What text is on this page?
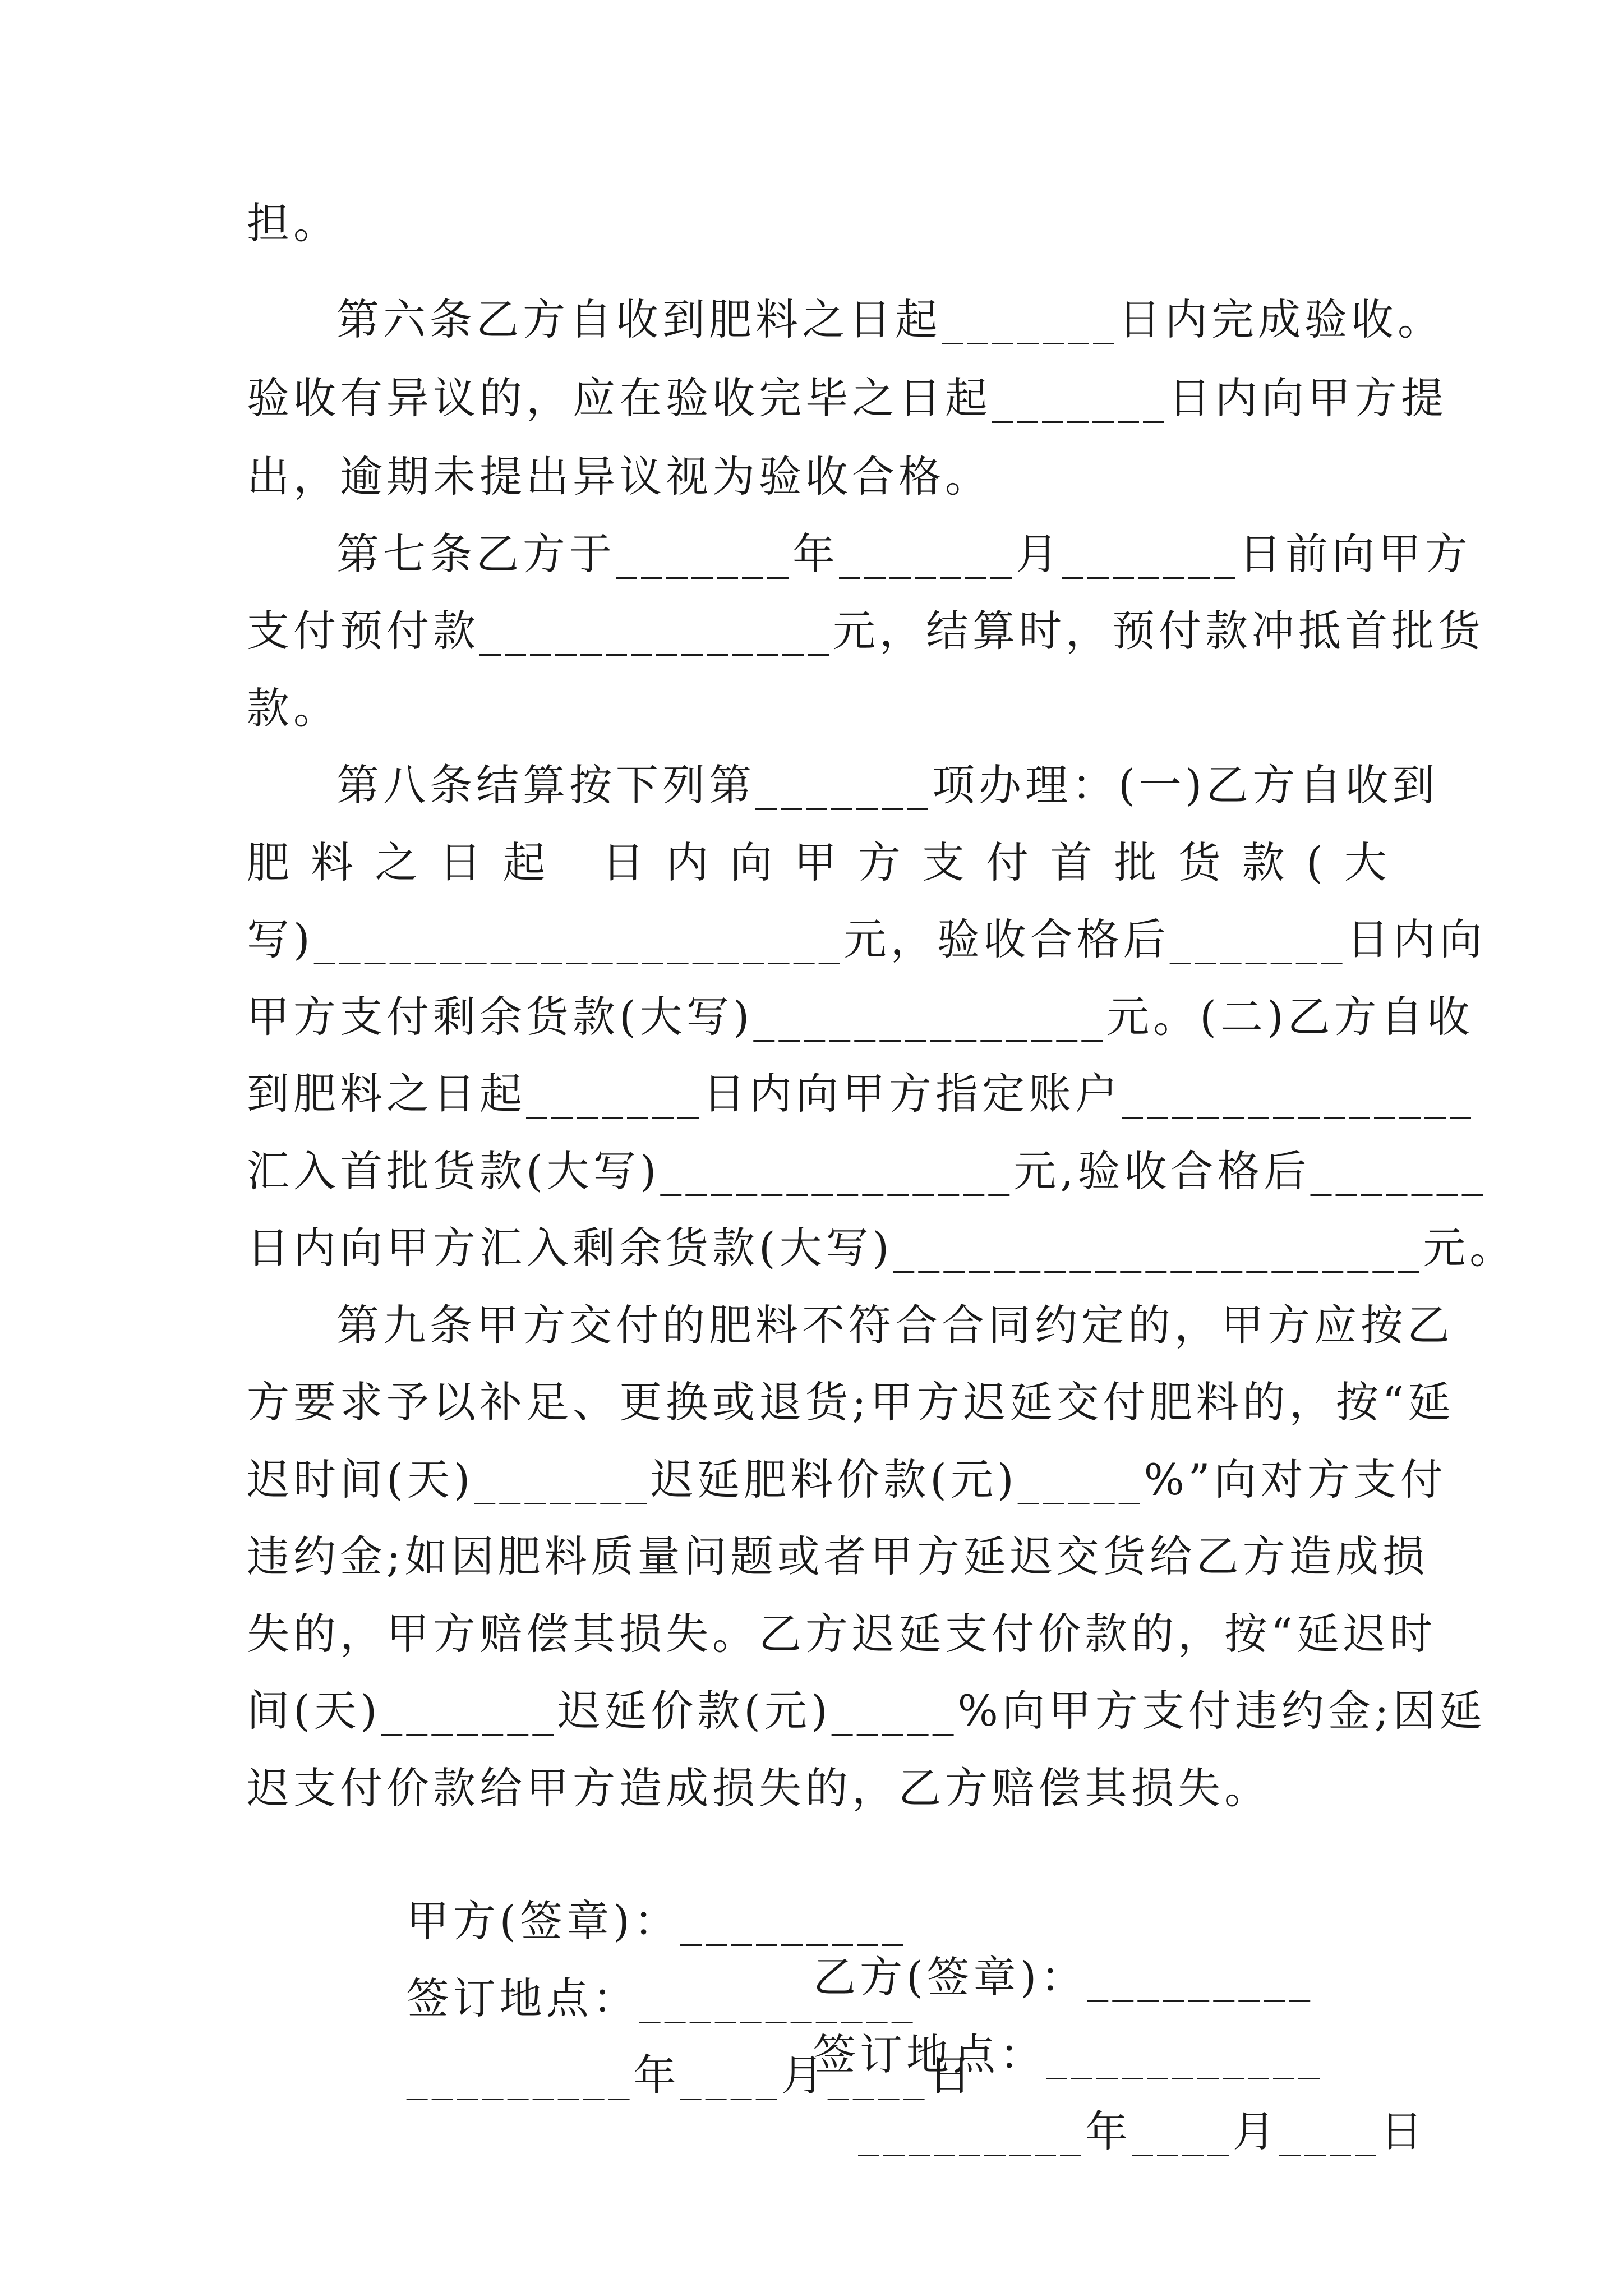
担。
第六条乙方自收到肥料之日起_______日内完成验收。
验收有异议的，应在验收完毕之日起_______日内向甲方提
出，逾期未提出异议视为验收合格。
第七条乙方于_______年_______月_______日前向甲方
支付预付款______________元，结算时，预付款冲抵首批货
款。
第八条结算按下列第_______项办理：(一)乙方自收到
肥 料 之 日 起   日 内 向 甲 方 支 付 首 批 货 款 ( 大
写)_____________________元，验收合格后_______日内向
甲方支付剩余货款(大写)______________元。(二)乙方自收
到肥料之日起_______日内向甲方指定账户______________
汇入首批货款(大写)______________元,验收合格后_______
日内向甲方汇入剩余货款(大写)_____________________元。
第九条甲方交付的肥料不符合合同约定的，甲方应按乙
方要求予以补足、更换或退货;甲方迟延交付肥料的，按“延
迟时间(天)_______迟延肥料价款(元)_____%”向对方支付
违约金;如因肥料质量问题或者甲方延迟交货给乙方造成损
失的，甲方赔偿其损失。乙方迟延支付价款的，按“延迟时
间(天)_______迟延价款(元)_____%向甲方支付违约金;因延
迟支付价款给甲方造成损失的，乙方赔偿其损失。

甲方(签章)：_________

乙方(签章)：_________

签订地点：___________

签订地点：___________

_________年____月____日

_________年____月____日
